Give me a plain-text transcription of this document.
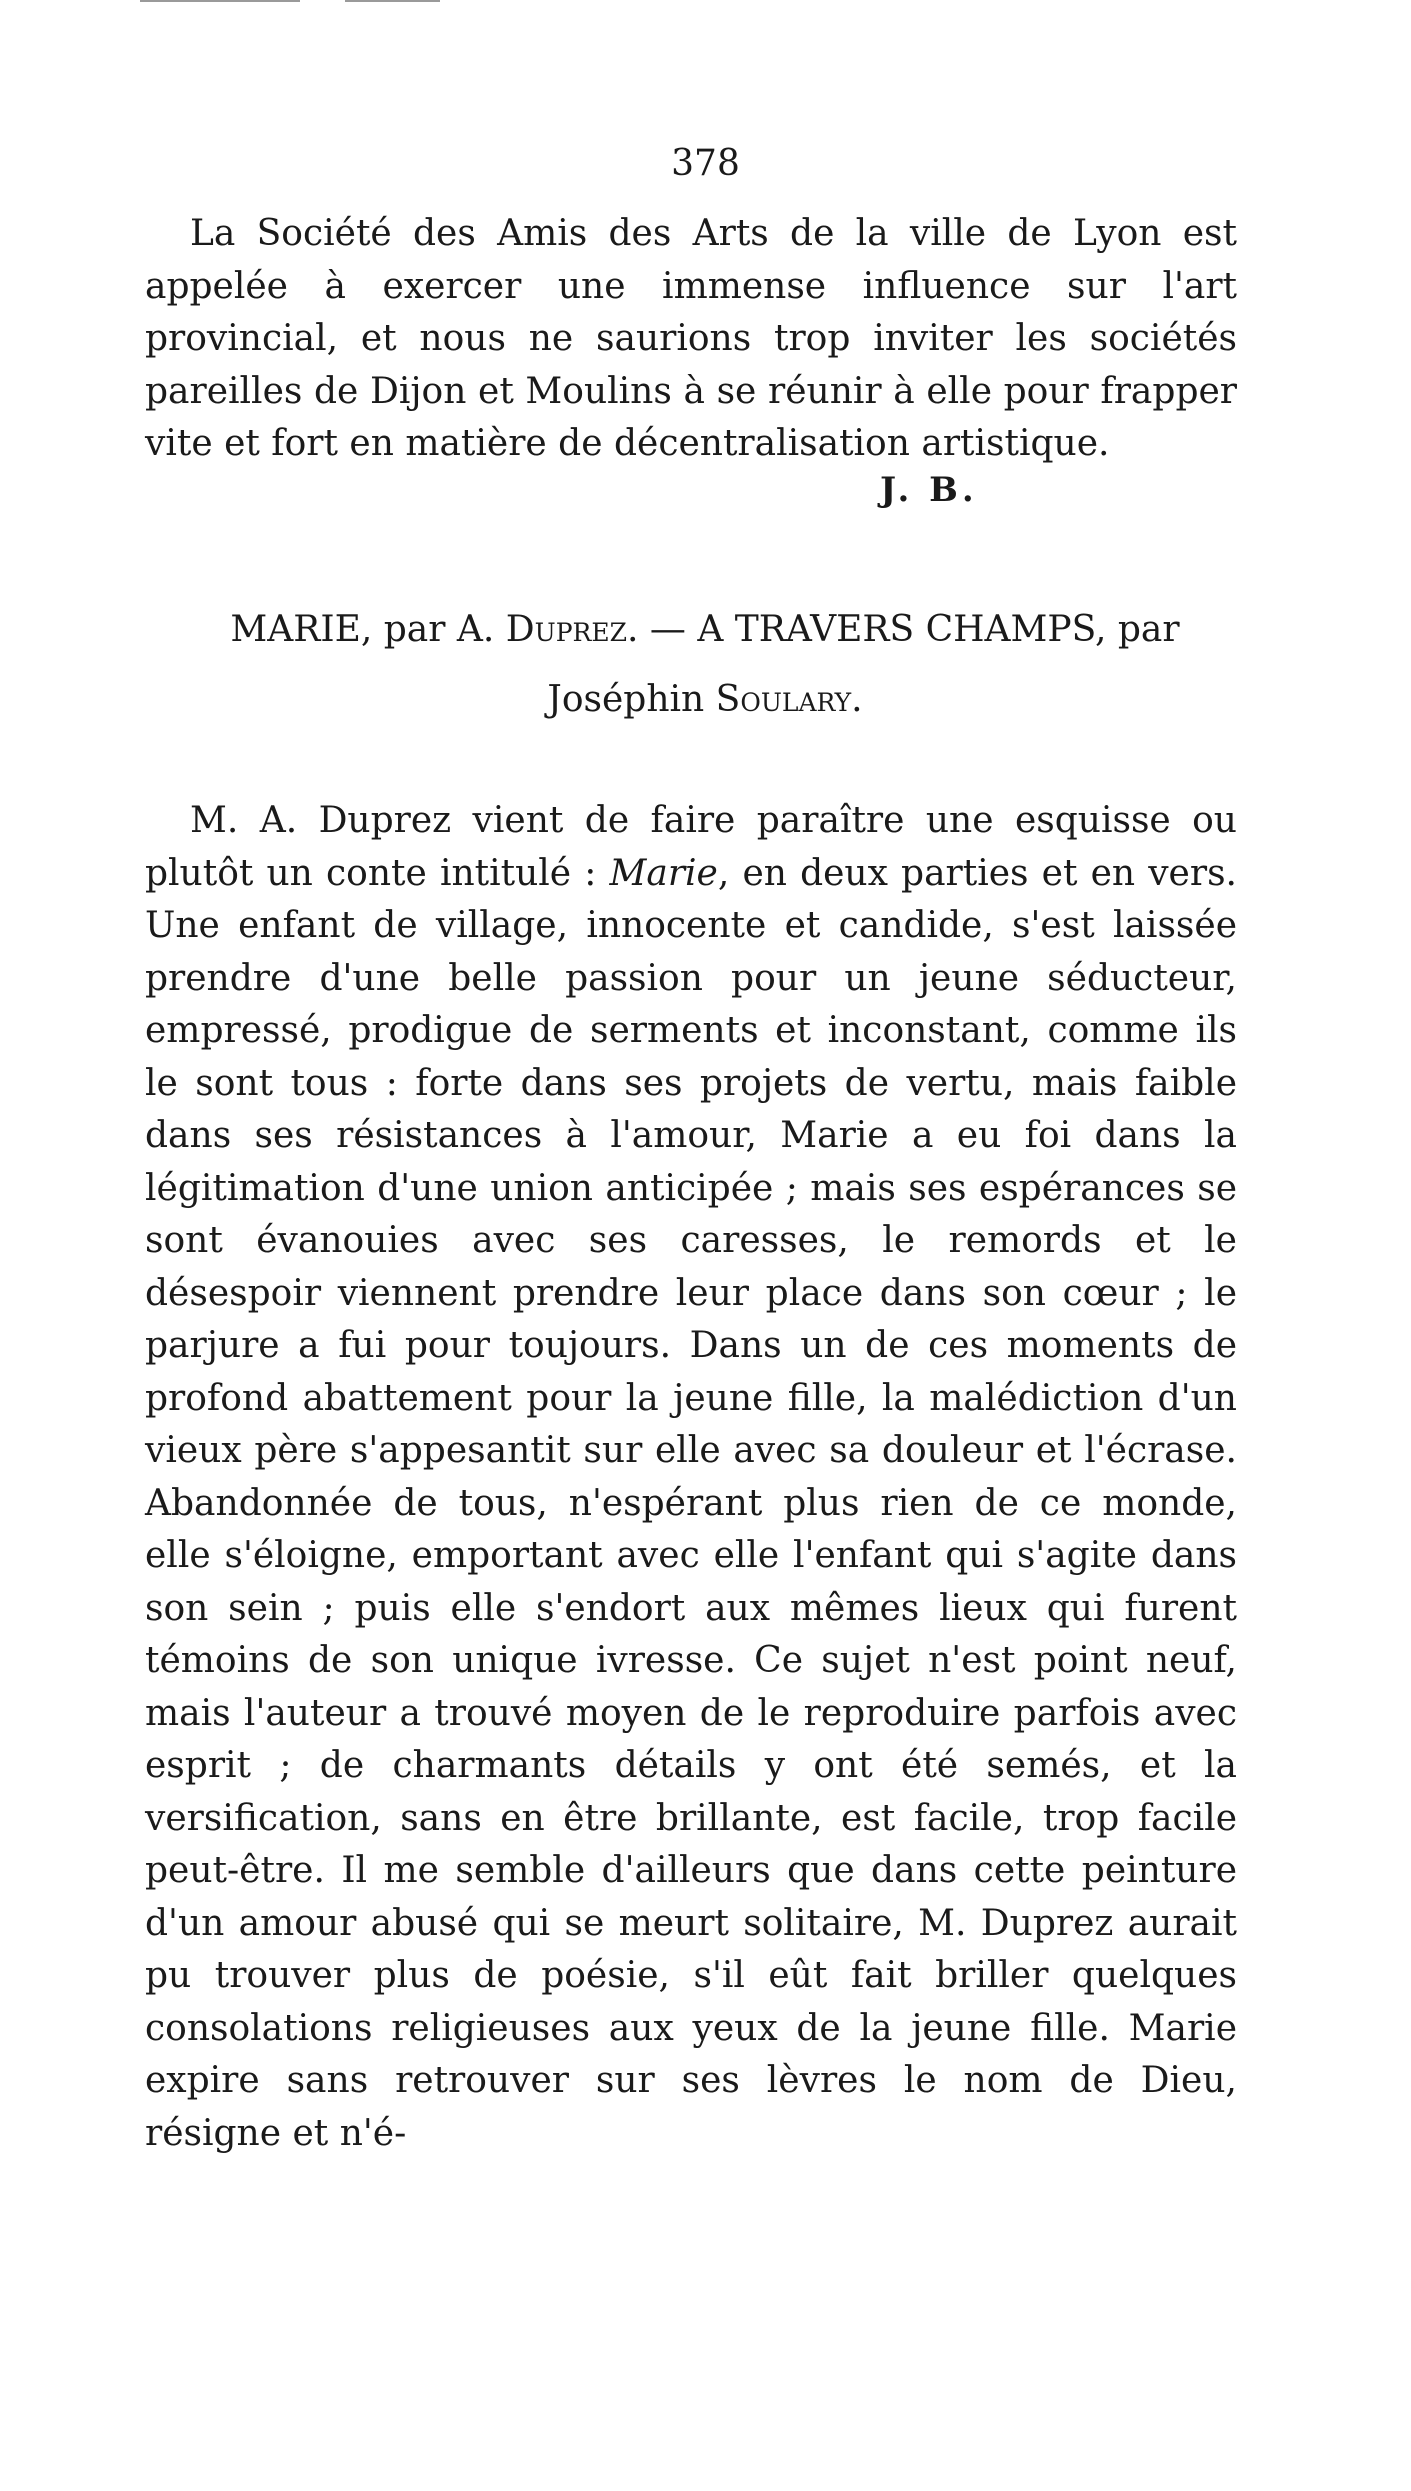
378

La Société des Amis des Arts de la ville de Lyon est appelée à exercer une immense influence sur l'art provincial, et nous ne saurions trop inviter les sociétés pareilles de Dijon et Moulins à se réunir à elle pour frapper vite et fort en matière de décentralisation artistique.

J. B.
MARIE, par A. Duprez. — A TRAVERS CHAMPS, par
Joséphin Soulary.

M. A. Duprez vient de faire paraître une esquisse ou plutôt un conte intitulé : Marie, en deux parties et en vers. Une enfant de village, innocente et candide, s'est laissée prendre d'une belle passion pour un jeune séducteur, empressé, prodigue de serments et inconstant, comme ils le sont tous : forte dans ses projets de vertu, mais faible dans ses résistances à l'amour, Marie a eu foi dans la légitimation d'une union anticipée ; mais ses espérances se sont évanouies avec ses caresses, le remords et le désespoir viennent prendre leur place dans son cœur ; le parjure a fui pour toujours. Dans un de ces moments de profond abattement pour la jeune fille, la malédiction d'un vieux père s'appesantit sur elle avec sa douleur et l'écrase. Abandonnée de tous, n'espérant plus rien de ce monde, elle s'éloigne, emportant avec elle l'enfant qui s'agite dans son sein ; puis elle s'endort aux mêmes lieux qui furent témoins de son unique ivresse. Ce sujet n'est point neuf, mais l'auteur a trouvé moyen de le reproduire parfois avec esprit ; de charmants détails y ont été semés, et la versification, sans en être brillante, est facile, trop facile peut-être. Il me semble d'ailleurs que dans cette peinture d'un amour abusé qui se meurt solitaire, M. Duprez aurait pu trouver plus de poésie, s'il eût fait briller quelques consolations religieuses aux yeux de la jeune fille. Marie expire sans retrouver sur ses lèvres le nom de Dieu, résigne et n'é-
